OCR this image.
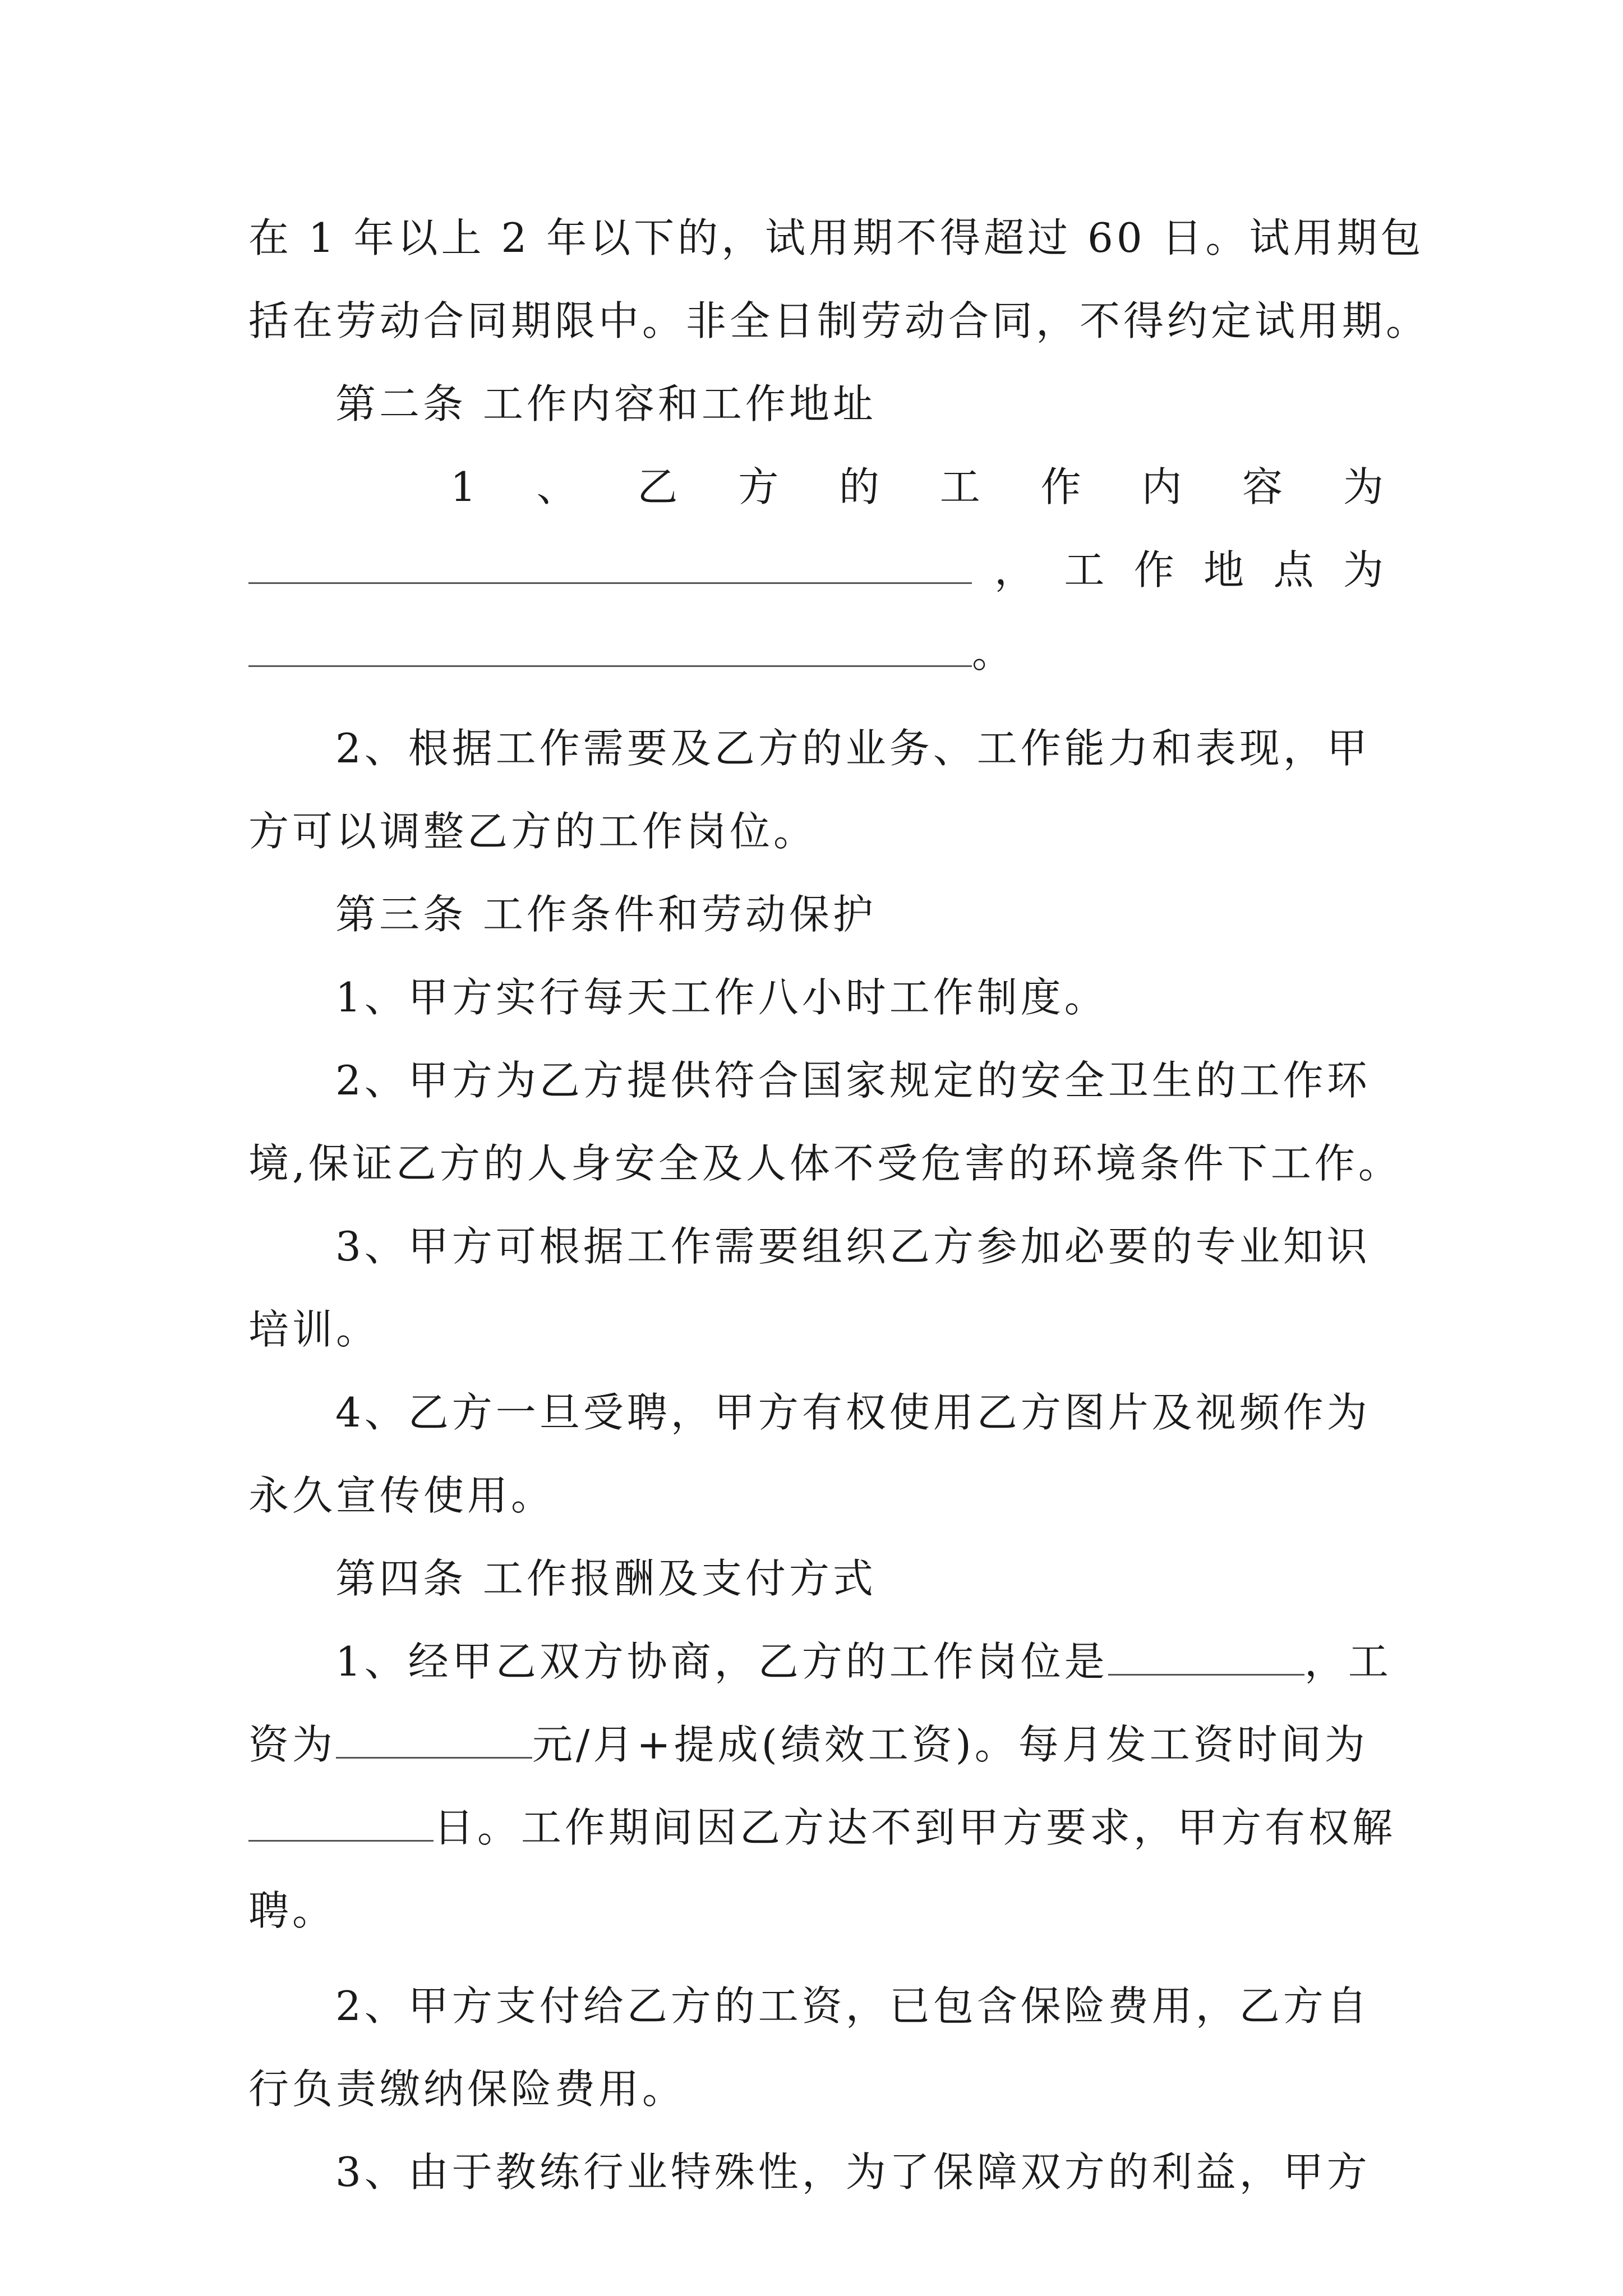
在 1 年以上 2 年以下的，试用期不得超过 60 日。试用期包
括在劳动合同期限中。非全日制劳动合同，不得约定试用期。
第二条 工作内容和工作地址
1 、 乙 方 的 工 作 内 容 为
， 工 作 地 点 为
。
2、根据工作需要及乙方的业务、工作能力和表现，甲
方可以调整乙方的工作岗位。
第三条 工作条件和劳动保护
1、甲方实行每天工作八小时工作制度。
2、甲方为乙方提供符合国家规定的安全卫生的工作环
境,保证乙方的人身安全及人体不受危害的环境条件下工作。
3、甲方可根据工作需要组织乙方参加必要的专业知识
培训。
4、乙方一旦受聘，甲方有权使用乙方图片及视频作为
永久宣传使用。
第四条 工作报酬及支付方式
1、经甲乙双方协商，乙方的工作岗位是	，工
资为	元/月+提成(绩效工资)。每月发工资时间为
日。工作期间因乙方达不到甲方要求，甲方有权解
聘。
2、甲方支付给乙方的工资，已包含保险费用，乙方自
行负责缴纳保险费用。
3、由于教练行业特殊性，为了保障双方的利益，甲方
